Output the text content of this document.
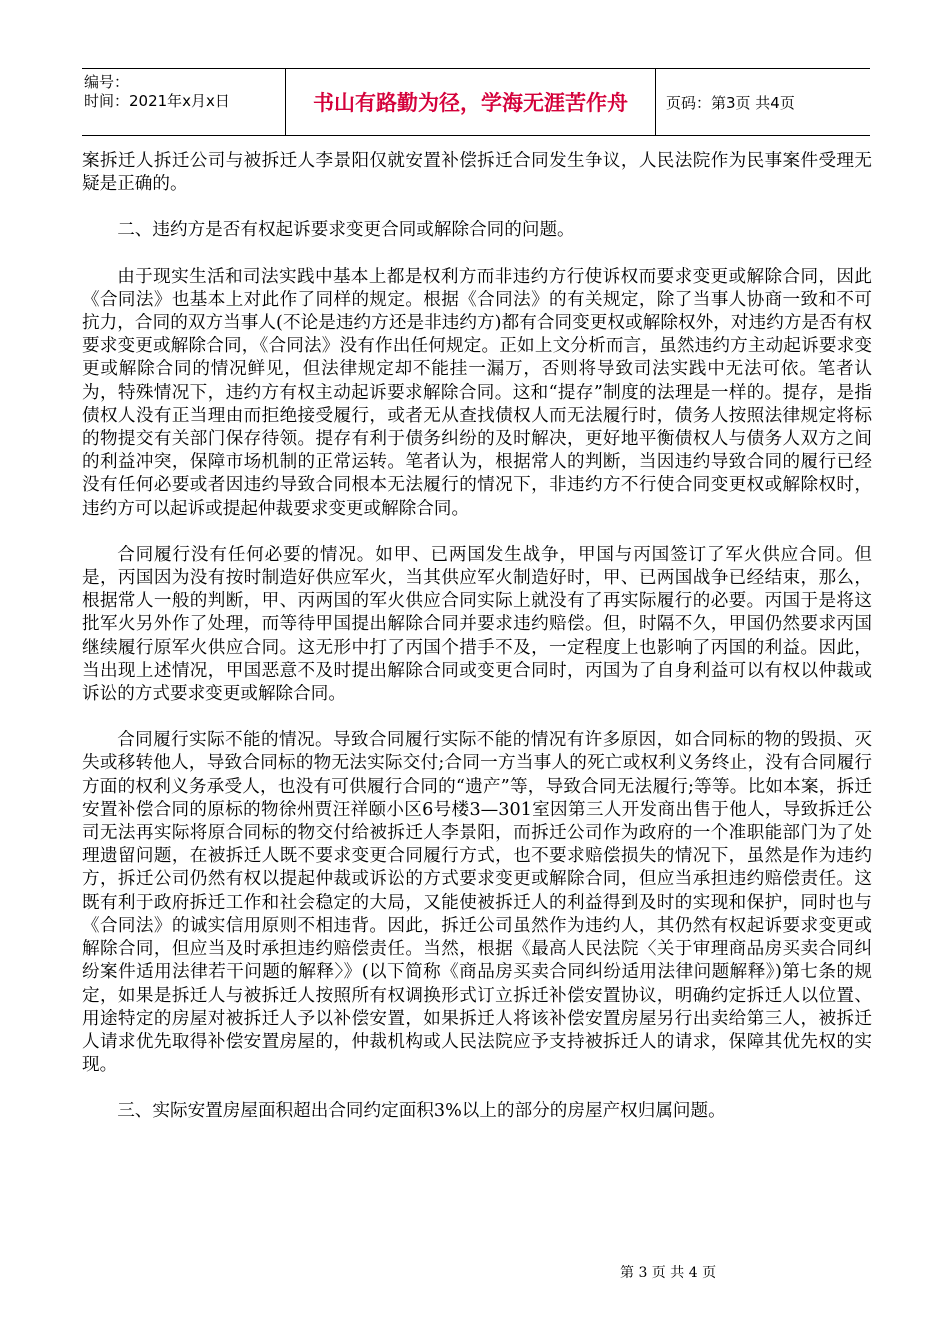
编号：
时间：2021年x月x日	书山有路勤为径，学海无涯苦作舟	页码：第3页 共4页

案拆迁人拆迁公司与被拆迁人李景阳仅就安置补偿拆迁合同发生争议，人民法院作为民事案件受理无疑是正确的。

二、违约方是否有权起诉要求变更合同或解除合同的问题。

由于现实生活和司法实践中基本上都是权利方而非违约方行使诉权而要求变更或解除合同，因此《合同法》也基本上对此作了同样的规定。根据《合同法》的有关规定，除了当事人协商一致和不可抗力，合同的双方当事人(不论是违约方还是非违约方)都有合同变更权或解除权外，对违约方是否有权要求变更或解除合同，《合同法》没有作出任何规定。正如上文分析而言，虽然违约方主动起诉要求变更或解除合同的情况鲜见，但法律规定却不能挂一漏万，否则将导致司法实践中无法可依。笔者认为，特殊情况下，违约方有权主动起诉要求解除合同。这和“提存”制度的法理是一样的。提存，是指债权人没有正当理由而拒绝接受履行，或者无从查找债权人而无法履行时，债务人按照法律规定将标的物提交有关部门保存待领。提存有利于债务纠纷的及时解决，更好地平衡债权人与债务人双方之间的利益冲突，保障市场机制的正常运转。笔者认为，根据常人的判断，当因违约导致合同的履行已经没有任何必要或者因违约导致合同根本无法履行的情况下，非违约方不行使合同变更权或解除权时，违约方可以起诉或提起仲裁要求变更或解除合同。

合同履行没有任何必要的情况。如甲、已两国发生战争，甲国与丙国签订了军火供应合同。但是，丙国因为没有按时制造好供应军火，当其供应军火制造好时，甲、已两国战争已经结束，那么，根据常人一般的判断，甲、丙两国的军火供应合同实际上就没有了再实际履行的必要。丙国于是将这批军火另外作了处理，而等待甲国提出解除合同并要求违约赔偿。但，时隔不久，甲国仍然要求丙国继续履行原军火供应合同。这无形中打了丙国个措手不及，一定程度上也影响了丙国的利益。因此，当出现上述情况，甲国恶意不及时提出解除合同或变更合同时，丙国为了自身利益可以有权以仲裁或诉讼的方式要求变更或解除合同。

合同履行实际不能的情况。导致合同履行实际不能的情况有许多原因，如合同标的物的毁损、灭失或移转他人，导致合同标的物无法实际交付;合同一方当事人的死亡或权利义务终止，没有合同履行方面的权利义务承受人，也没有可供履行合同的“遗产”等，导致合同无法履行;等等。比如本案，拆迁安置补偿合同的原标的物徐州贾汪祥颐小区6号楼3—301室因第三人开发商出售于他人，导致拆迁公司无法再实际将原合同标的物交付给被拆迁人李景阳，而拆迁公司作为政府的一个准职能部门为了处理遗留问题，在被拆迁人既不要求变更合同履行方式，也不要求赔偿损失的情况下，虽然是作为违约方，拆迁公司仍然有权以提起仲裁或诉讼的方式要求变更或解除合同，但应当承担违约赔偿责任。这既有利于政府拆迁工作和社会稳定的大局，又能使被拆迁人的利益得到及时的实现和保护，同时也与《合同法》的诚实信用原则不相违背。因此，拆迁公司虽然作为违约人，其仍然有权起诉要求变更或解除合同，但应当及时承担违约赔偿责任。当然，根据《最高人民法院〈关于审理商品房买卖合同纠纷案件适用法律若干问题的解释〉》(以下简称《商品房买卖合同纠纷适用法律问题解释》)第七条的规定，如果是拆迁人与被拆迁人按照所有权调换形式订立拆迁补偿安置协议，明确约定拆迁人以位置、用途特定的房屋对被拆迁人予以补偿安置，如果拆迁人将该补偿安置房屋另行出卖给第三人，被拆迁人请求优先取得补偿安置房屋的，仲裁机构或人民法院应予支持被拆迁人的请求，保障其优先权的实现。

三、实际安置房屋面积超出合同约定面积3%以上的部分的房屋产权归属问题。

第 3 页 共 4 页
